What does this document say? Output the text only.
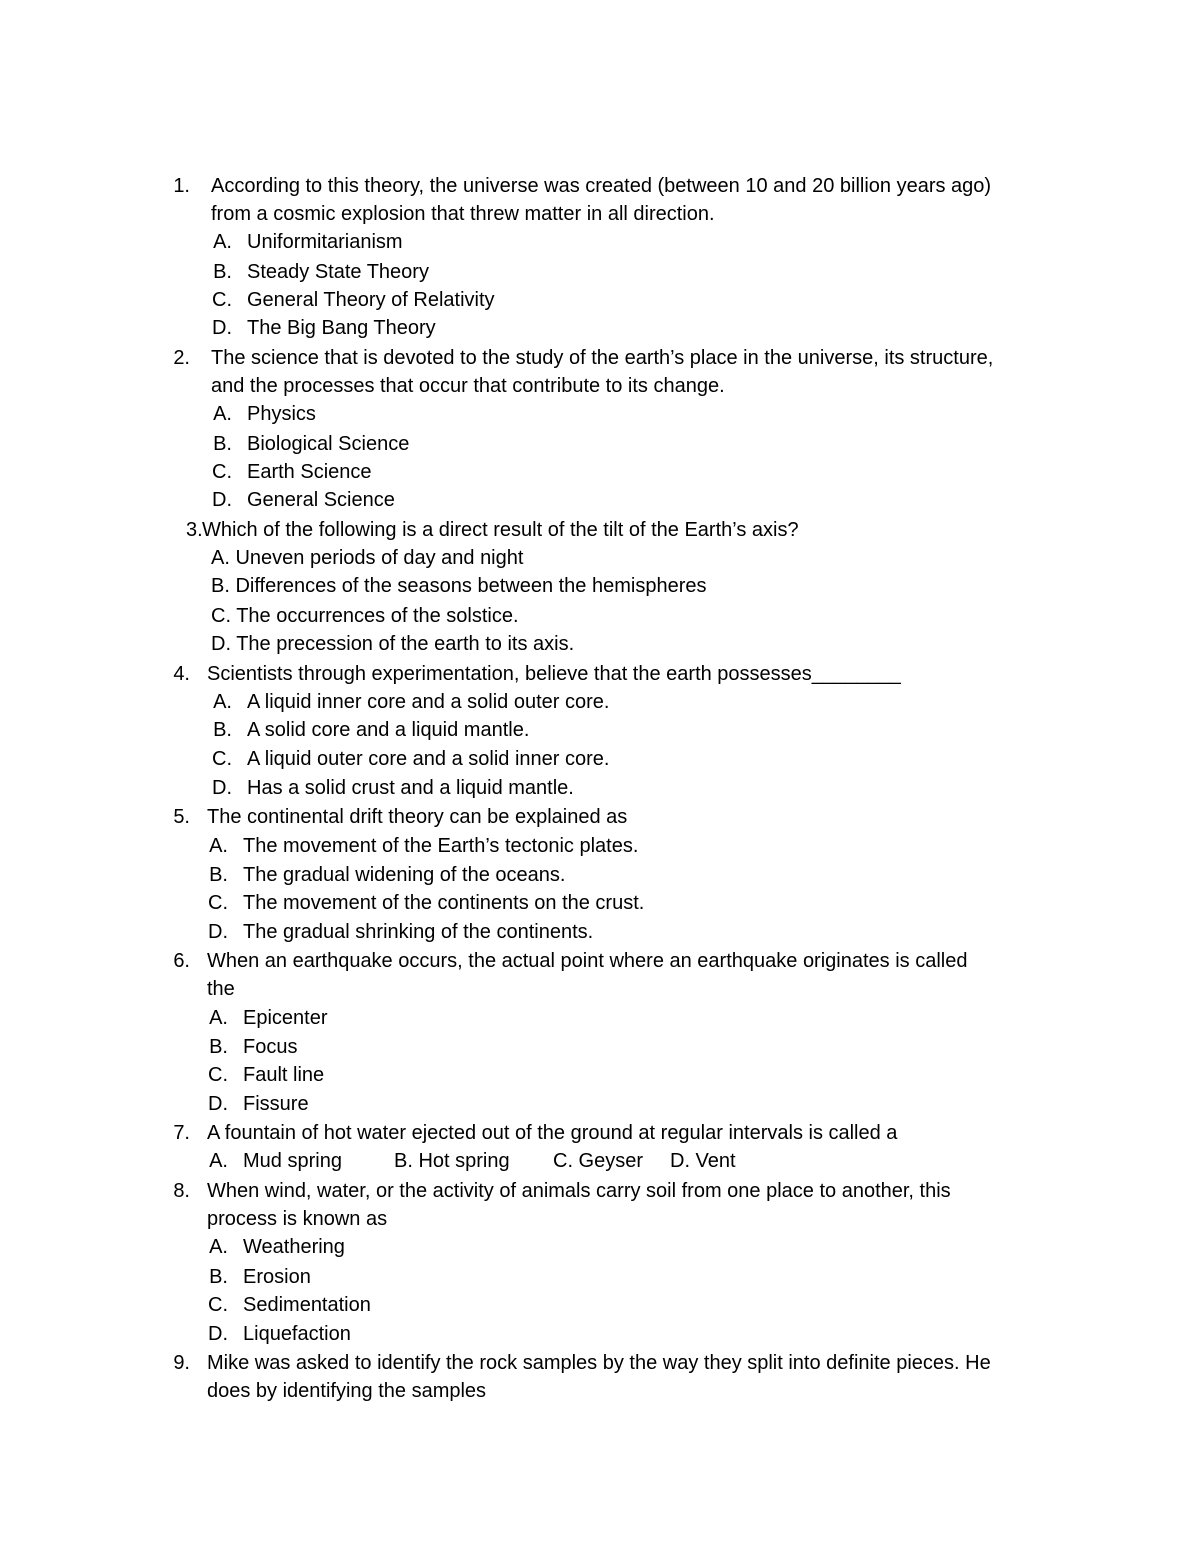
1. According to this theory, the universe was created (between 10 and 20 billion years ago)
from a cosmic explosion that threw matter in all direction.
A. Uniformitarianism
B. Steady State Theory
C. General Theory of Relativity
D. The Big Bang Theory
2. The science that is devoted to the study of the earth’s place in the universe, its structure,
and the processes that occur that contribute to its change.
A. Physics
B. Biological Science
C. Earth Science
D. General Science
3. Which of the following is a direct result of the tilt of the Earth’s axis?
A. Uneven periods of day and night
B. Differences of the seasons between the hemispheres
C. The occurrences of the solstice.
D. The precession of the earth to its axis.
4. Scientists through experimentation, believe that the earth possesses________
A. A liquid inner core and a solid outer core.
B. A solid core and a liquid mantle.
C. A liquid outer core and a solid inner core.
D. Has a solid crust and a liquid mantle.
5. The continental drift theory can be explained as
A. The movement of the Earth’s tectonic plates.
B. The gradual widening of the oceans.
C. The movement of the continents on the crust.
D. The gradual shrinking of the continents.
6. When an earthquake occurs, the actual point where an earthquake originates is called
the
A. Epicenter
B. Focus
C. Fault line
D. Fissure
7. A fountain of hot water ejected out of the ground at regular intervals is called a
A. Mud spring	B. Hot spring C. Geyser D. Vent
8. When wind, water, or the activity of animals carry soil from one place to another, this
process is known as
A. Weathering
B. Erosion
C. Sedimentation
D. Liquefaction
9. Mike was asked to identify the rock samples by the way they split into definite pieces. He
does by identifying the samples
